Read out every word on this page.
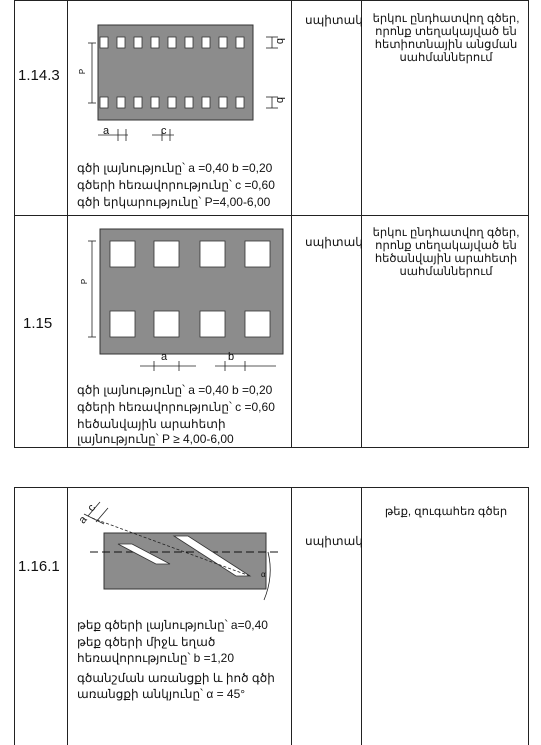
1.14.3
սպիտակ երկու ընդհատվող գծեր, որոնք տեղակայված են հետիոտնային անցման սահմաններում
a	c
b
b
P
գծի լայնությունը՝ a =0,40 b =0,20
գծերի հեռավորությունը՝ c =0,60
գծի երկարությունը՝ P=4,00-6,00
1.15
սպիտակ
երկու ընդհատվող գծեր, որոնք տեղակայված են հեծանվային արահետի սահմաններում
a	b
P
գծի լայնությունը՝ a =0,40 b =0,20
գծերի հեռավորությունը՝ c =0,60
հեծանվային արահետի
լայնությունը՝ P ≥ 4,00-6,00
1.16.1
սպիտակ
թեք, զուգահեռ գծեր
a
c
α
թեք գծերի լայնությունը՝ a=0,40
թեք գծերի միջև եղած
հեռավորությունը՝ b =1,20
գծանշման առանցքի և իոծ գծի
առանցքի անկյունը՝ α = 45°
